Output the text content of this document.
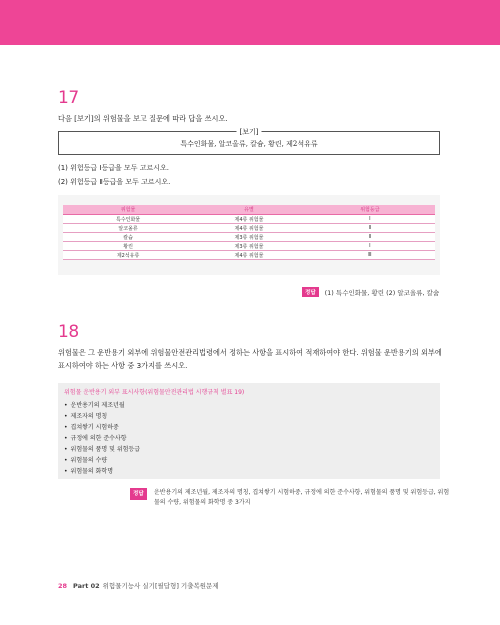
17
다음 [보기]의 위험물을 보고 질문에 따라 답을 쓰시오.
[보기]
특수인화물, 알코올류, 칼슘, 황린, 제2석유류
(1) 위험등급 Ⅰ등급을 모두 고르시오.
(2) 위험등급 Ⅱ등급을 모두 고르시오.
위험물	유별	위험등급
특수인화물	제4류 위험물	Ⅰ
알코올류	제4류 위험물	Ⅱ
칼슘	제3류 위험물	Ⅱ
황린	제3류 위험물	Ⅰ
제2석유류	제4류 위험물	Ⅲ
정답 (1) 특수인화물, 황린 (2) 알코올류, 칼슘
18
위험물은 그 운반용기 외부에 위험물안전관리법령에서 정하는 사항을 표시하여 적재하여야 한다. 위험물 운반용기의 외부에
표시하여야 하는 사항 중 3가지를 쓰시오.
위험물 운반용기 외부 표시사항(위험물안전관리법 시행규칙 별표 19)
• 운반용기의 제조년월
• 제조자의 명칭
• 겹쳐쌓기 시험하중
• 규정에 의한 준수사항
• 위험물의 품명 및 위험등급
• 위험물의 수량
• 위험물의 화학명
정답	운반용기의 제조년월, 제조자의 명칭, 겹쳐쌓기 시험하중, 규정에 의한 준수사항, 위험물의 품명 및 위험등급, 위험물의 수량, 위험물의 화학명 중 3가지
28 Part 02 위험물기능사 실기[필답형] 기출복원문제
